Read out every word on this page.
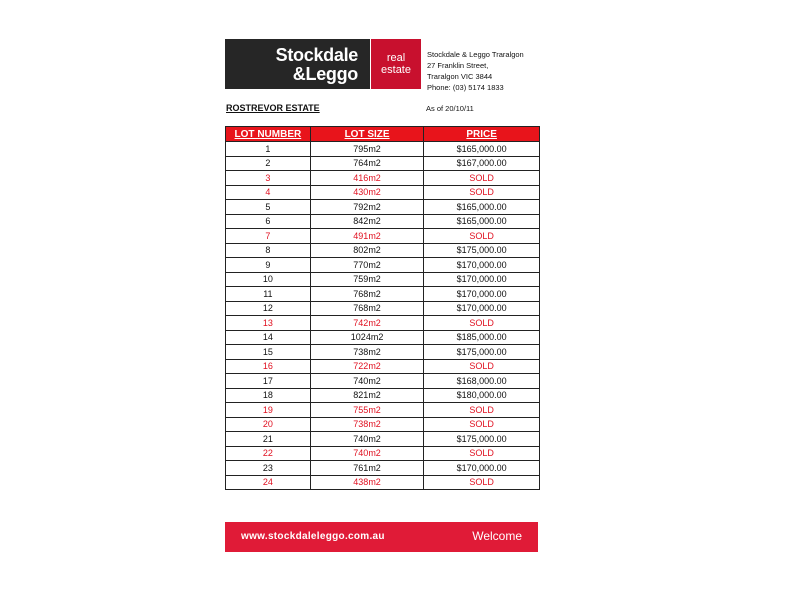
Stockdale
&Leggo
real
estate
Stockdale & Leggo Traralgon
27 Franklin Street,
Traralgon VIC 3844
Phone: (03) 5174 1833
ROSTREVOR ESTATE	As of 20/10/11
LOT NUMBER	LOT SIZE	PRICE
1	795m2	$165,000.00
2	764m2	$167,000.00
3	416m2	SOLD
4	430m2	SOLD
5	792m2	$165,000.00
6	842m2	$165,000.00
7	491m2	SOLD
8	802m2	$175,000.00
9	770m2	$170,000.00
10	759m2	$170,000.00
11	768m2	$170,000.00
12	768m2	$170,000.00
13	742m2	SOLD
14	1024m2	$185,000.00
15	738m2	$175,000.00
16	722m2	SOLD
17	740m2	$168,000.00
18	821m2	$180,000.00
19	755m2	SOLD
20	738m2	SOLD
21	740m2	$175,000.00
22	740m2	SOLD
23	761m2	$170,000.00
24	438m2	SOLD
www.stockdaleleggo.com.au	Welcome
